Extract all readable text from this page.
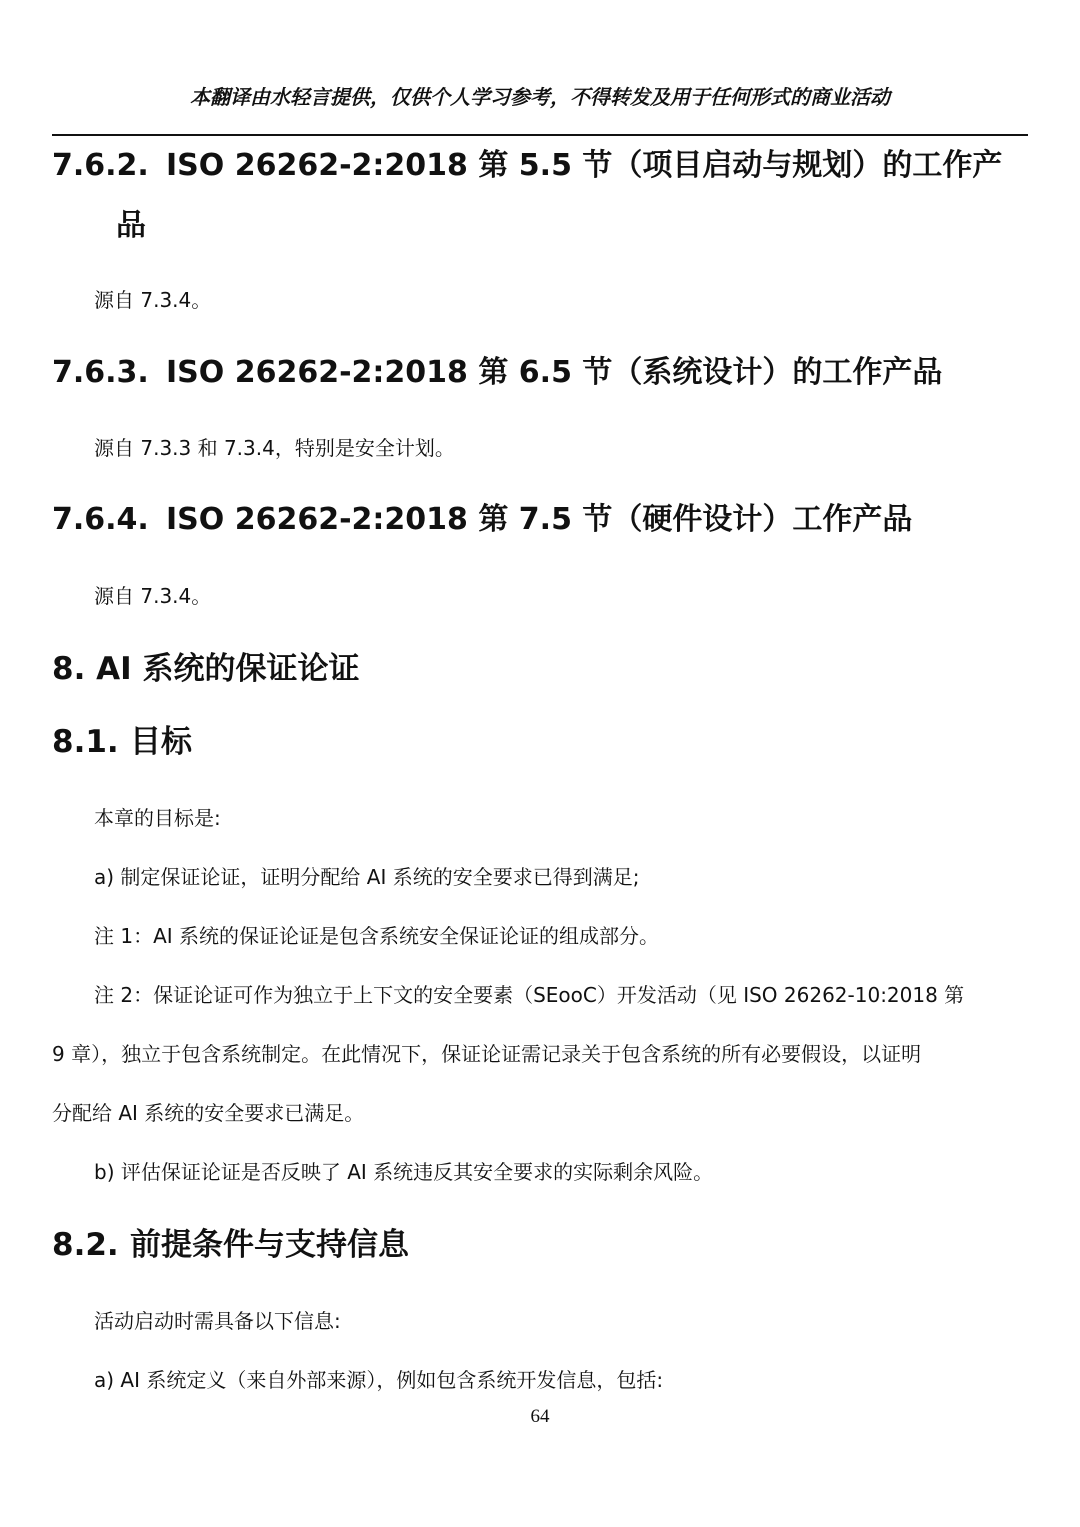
本翻译由水轻言提供，仅供个人学习参考，不得转发及用于任何形式的商业活动
7.6.2. ISO 26262-2:2018 第 5.5 节（项目启动与规划）的工作产
品
源自 7.3.4。
7.6.3. ISO 26262-2:2018 第 6.5 节（系统设计）的工作产品
源自 7.3.3 和 7.3.4，特别是安全计划。
7.6.4. ISO 26262-2:2018 第 7.5 节（硬件设计）工作产品
源自 7.3.4。
8. AI 系统的保证论证
8.1. 目标
本章的目标是:
a) 制定保证论证，证明分配给 AI 系统的安全要求已得到满足;
注 1：AI 系统的保证论证是包含系统安全保证论证的组成部分。
注 2：保证论证可作为独立于上下文的安全要素（SEooC）开发活动（见 ISO 26262-10:2018 第
9 章），独立于包含系统制定。在此情况下，保证论证需记录关于包含系统的所有必要假设，以证明
分配给 AI 系统的安全要求已满足。
b) 评估保证论证是否反映了 AI 系统违反其安全要求的实际剩余风险。
8.2. 前提条件与支持信息
活动启动时需具备以下信息:
a) AI 系统定义（来自外部来源），例如包含系统开发信息，包括:
64
